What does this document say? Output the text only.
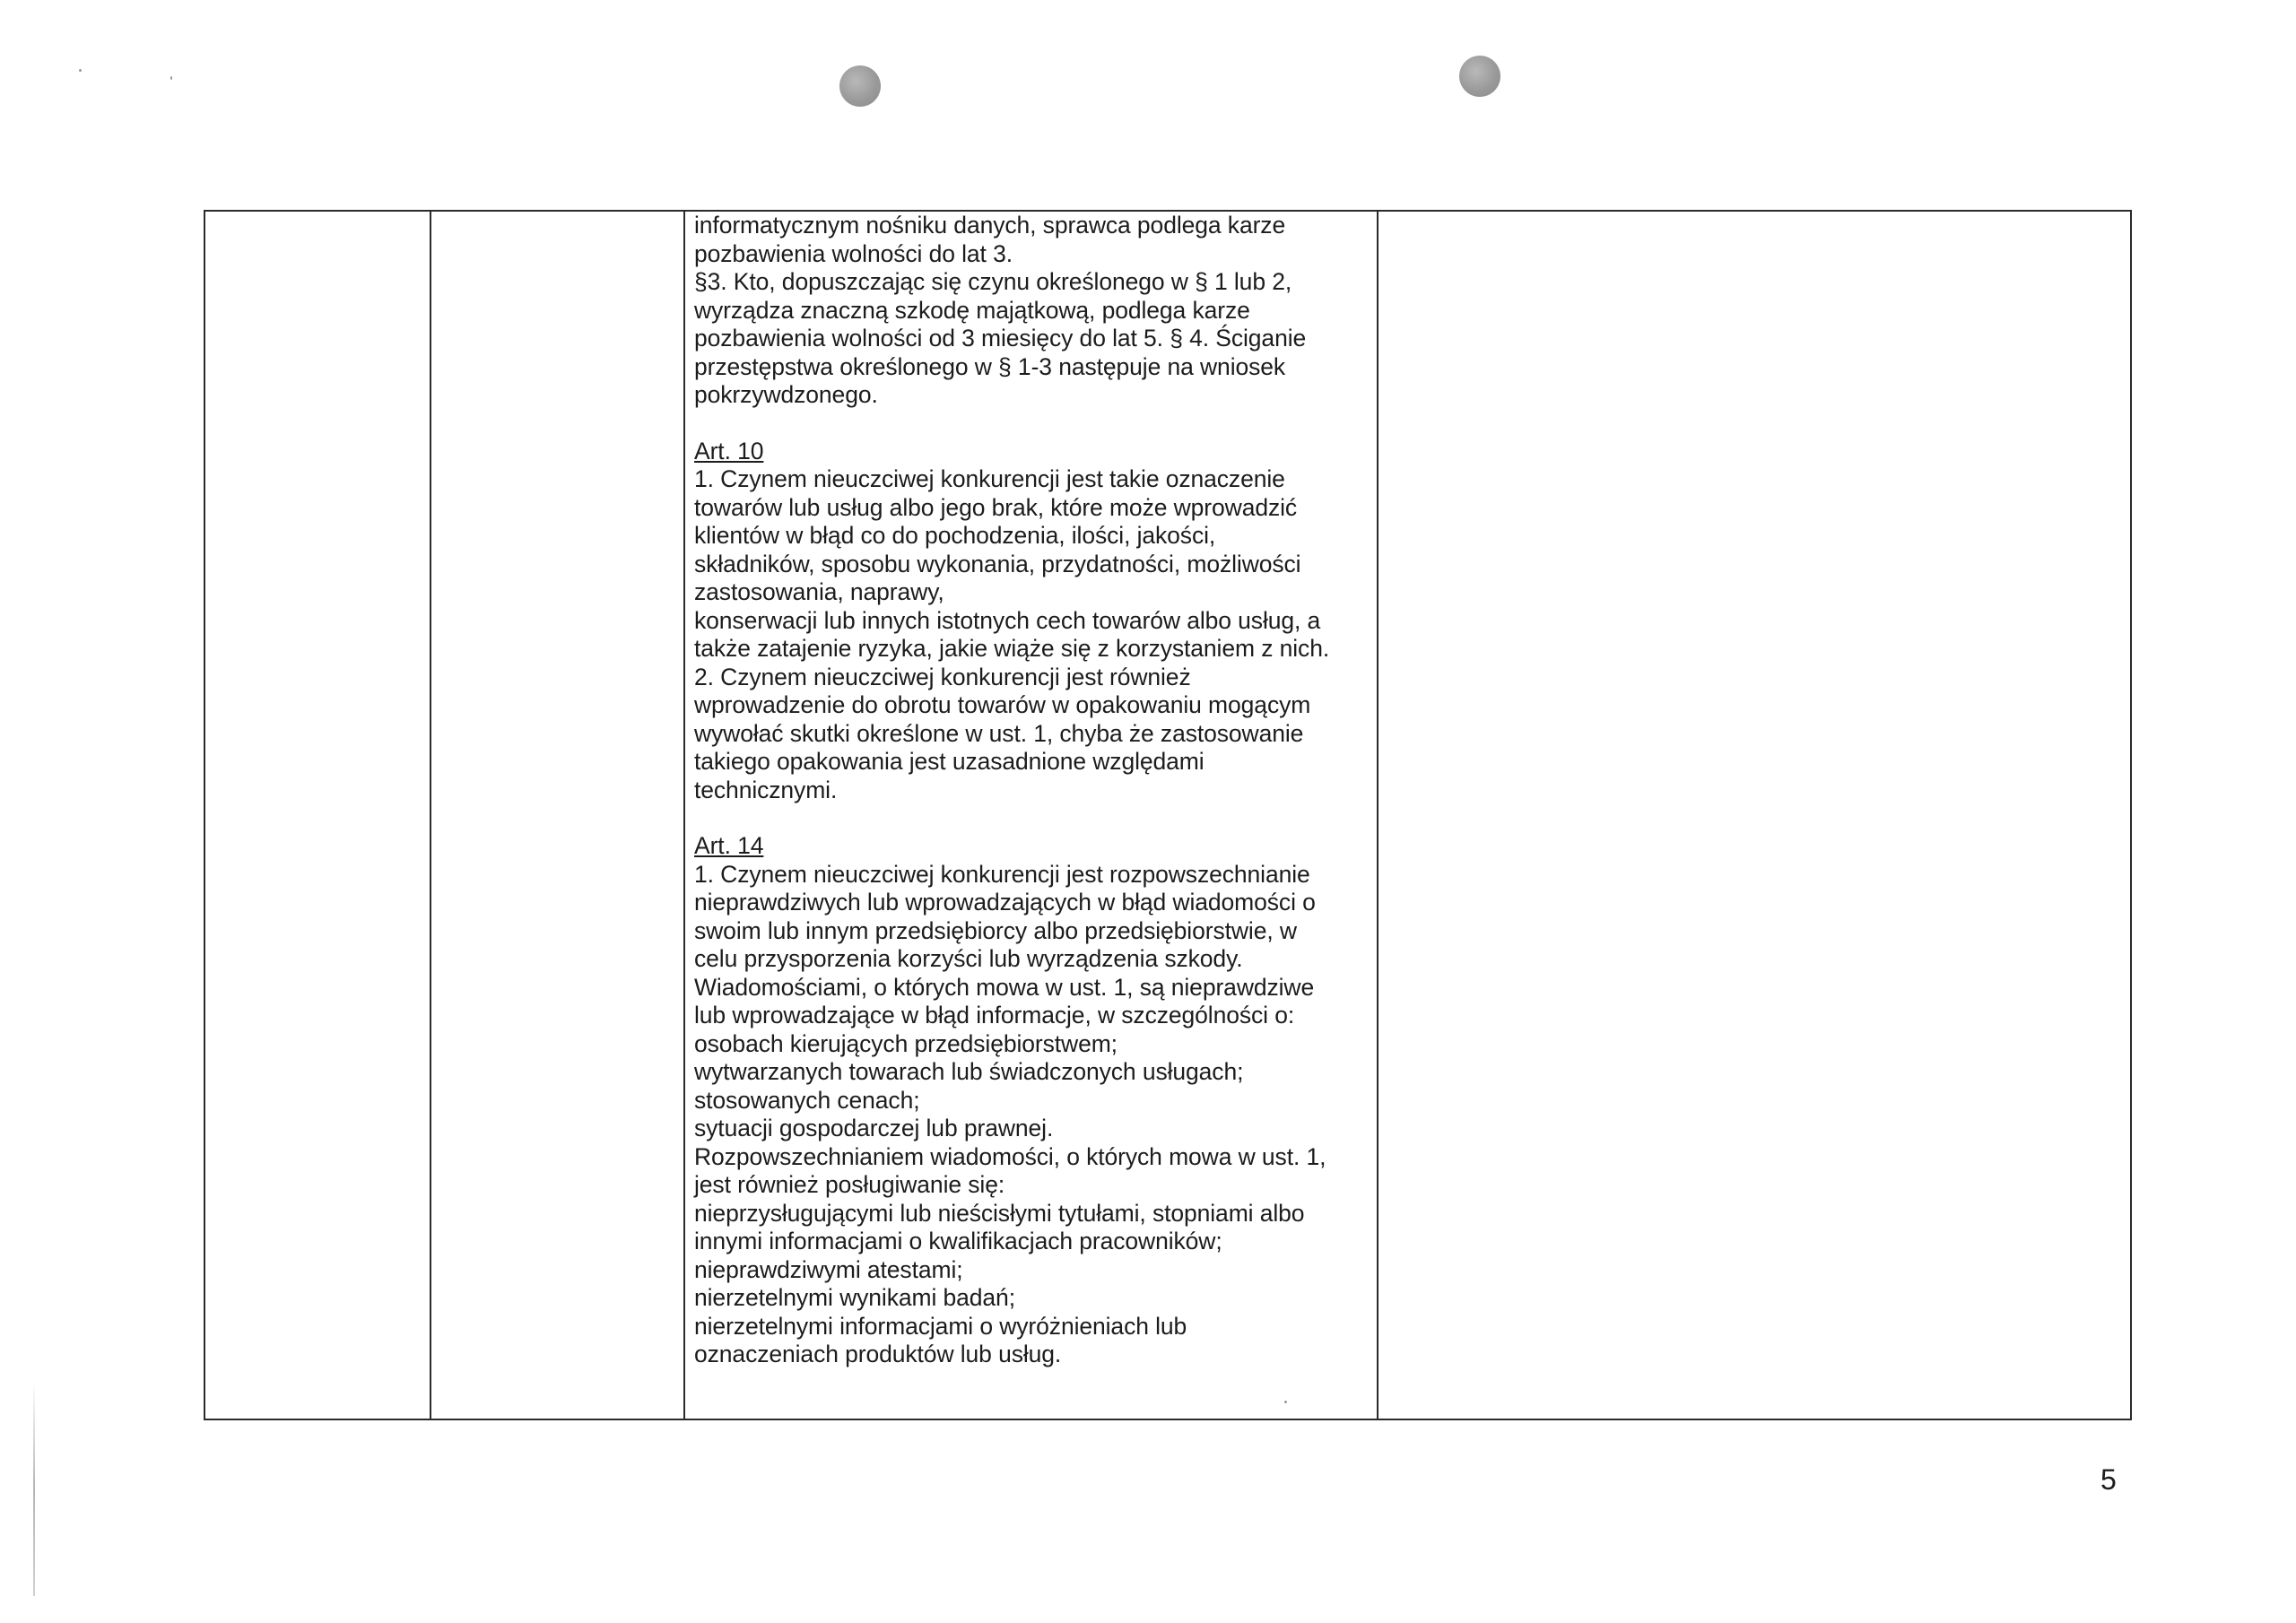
informatycznym nośniku danych, sprawca podlega karze
pozbawienia wolności do lat 3.
§3. Kto, dopuszczając się czynu określonego w § 1 lub 2,
wyrządza znaczną szkodę majątkową, podlega karze
pozbawienia wolności od 3 miesięcy do lat 5. § 4. Ściganie
przestępstwa określonego w § 1-3 następuje na wniosek
pokrzywdzonego.
Art. 10
1. Czynem nieuczciwej konkurencji jest takie oznaczenie
towarów lub usług albo jego brak, które może wprowadzić
klientów w błąd co do pochodzenia, ilości, jakości,
składników, sposobu wykonania, przydatności, możliwości
zastosowania, naprawy,
konserwacji lub innych istotnych cech towarów albo usług, a
także zatajenie ryzyka, jakie wiąże się z korzystaniem z nich.
2. Czynem nieuczciwej konkurencji jest również
wprowadzenie do obrotu towarów w opakowaniu mogącym
wywołać skutki określone w ust. 1, chyba że zastosowanie
takiego opakowania jest uzasadnione względami
technicznymi.
Art. 14
1. Czynem nieuczciwej konkurencji jest rozpowszechnianie
nieprawdziwych lub wprowadzających w błąd wiadomości o
swoim lub innym przedsiębiorcy albo przedsiębiorstwie, w
celu przysporzenia korzyści lub wyrządzenia szkody.
Wiadomościami, o których mowa w ust. 1, są nieprawdziwe
lub wprowadzające w błąd informacje, w szczególności o:
osobach kierujących przedsiębiorstwem;
wytwarzanych towarach lub świadczonych usługach;
stosowanych cenach;
sytuacji gospodarczej lub prawnej.
Rozpowszechnianiem wiadomości, o których mowa w ust. 1,
jest również posługiwanie się:
nieprzysługującymi lub nieścisłymi tytułami, stopniami albo
innymi informacjami o kwalifikacjach pracowników;
nieprawdziwymi atestami;
nierzetelnymi wynikami badań;
nierzetelnymi informacjami o wyróżnieniach lub
oznaczeniach produktów lub usług.

5
